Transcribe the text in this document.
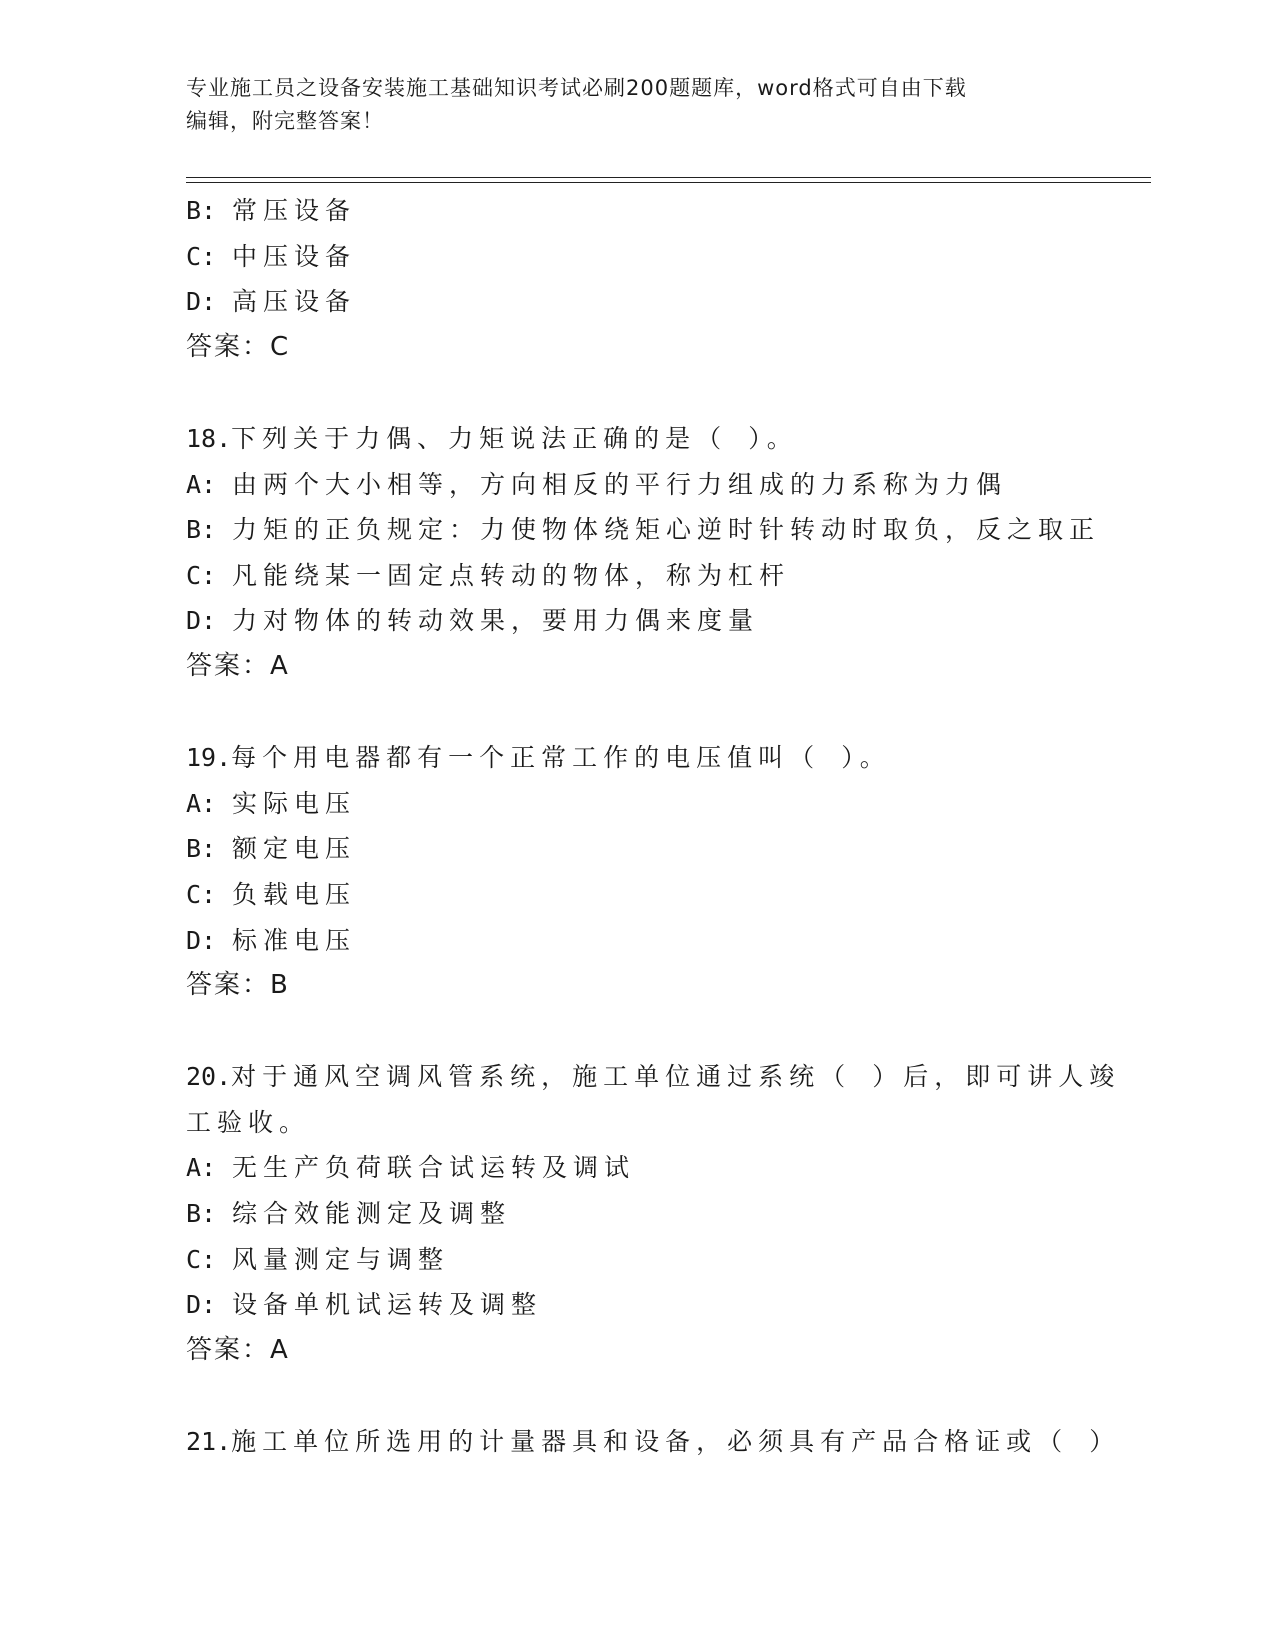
专业施工员之设备安装施工基础知识考试必刷200题题库，word格式可自由下载
编辑，附完整答案！
B: 常压设备
C: 中压设备
D: 高压设备
答案：C
18.下列关于力偶、力矩说法正确的是（ ）。
A: 由两个大小相等，方向相反的平行力组成的力系称为力偶
B: 力矩的正负规定：力使物体绕矩心逆时针转动时取负，反之取正
C: 凡能绕某一固定点转动的物体，称为杠杆
D: 力对物体的转动效果，要用力偶来度量
答案：A
19.每个用电器都有一个正常工作的电压值叫（ ）。
A: 实际电压
B: 额定电压
C: 负载电压
D: 标准电压
答案：B
20.对于通风空调风管系统，施工单位通过系统（ ）后，即可讲人竣
工验收。
A: 无生产负荷联合试运转及调试
B: 综合效能测定及调整
C: 风量测定与调整
D: 设备单机试运转及调整
答案：A
21.施工单位所选用的计量器具和设备，必须具有产品合格证或（ ）
